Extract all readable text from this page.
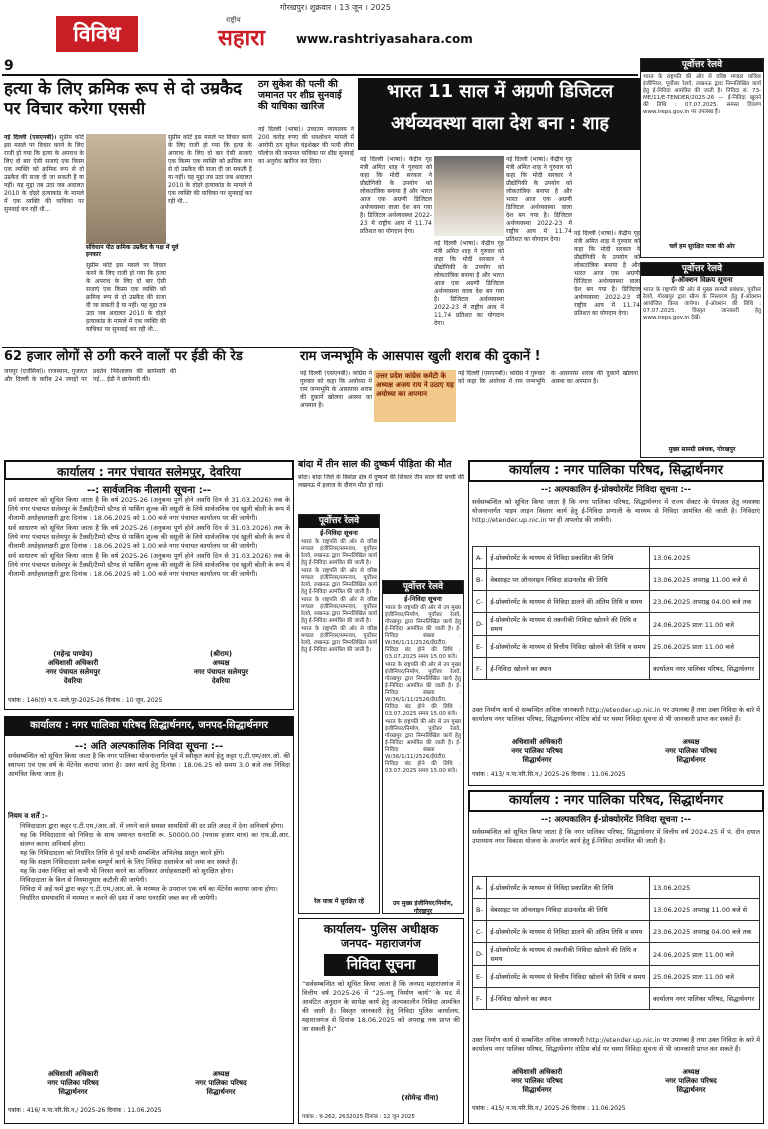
विविध
गोरखपुर। शुक्रवार । 13 जून । 2025
राष्ट्रीय
सहारा	www.rashtriyasahara.com
9
हत्या के लिए क्रमिक रूप से दो उम्रकैद पर विचार करेगा एससी
संविधान पीठ क्रमिक उम्रकैद के पक्ष में पूर्व इनकार

नई दिल्ली (एसएनबी)। सुप्रीम कोर्ट इस मसले पर विचार करने के लिए राजी हो गया कि हत्या के अपराध के लिए दो बार ऐसी सजाएं एक किस्म एक व्यक्ति को क्रमिक रूप से दो उम्रकैद की सजा दी जा सकती है या नहीं। यह मुद्दा तब उठा जब अदालत 2010 के दोहरे हत्याकांड के मामले में एक व्यक्ति की याचिका पर सुनवाई कर रही थी...

सुप्रीम कोर्ट इस मसले पर विचार करने के लिए राजी हो गया कि हत्या के अपराध के लिए दो बार ऐसी सजाएं एक किस्म एक व्यक्ति को क्रमिक रूप से दो उम्रकैद की सजा दी जा सकती है या नहीं। यह मुद्दा तब उठा जब अदालत 2010 के दोहरे हत्याकांड के मामले में एक व्यक्ति की याचिका पर सुनवाई कर रही थी...

सुप्रीम कोर्ट इस मसले पर विचार करने के लिए राजी हो गया कि हत्या के अपराध के लिए दो बार ऐसी सजाएं एक किस्म एक व्यक्ति को क्रमिक रूप से दो उम्रकैद की सजा दी जा सकती है या नहीं। यह मुद्दा तब उठा जब अदालत 2010 के दोहरे हत्याकांड के मामले में एक व्यक्ति की याचिका पर सुनवाई कर रही थी...

62 हजार लोगों से ठगी करने वालों पर ईडी की रेड

जयपुर (एजेंसियां)। राजस्थान, गुजरात और दिल्ली के करीब 24 जगहों पर प्रवर्तन निदेशालय की छापेमारी की गई... ईडी ने छापेमारी की।

ठग सुकेश की पत्नी की जमानत पर शीघ्र सुनवाई की याचिका खारिज

नई दिल्ली (भाषा)। उच्चतम न्यायालय ने 200 करोड़ रुपए की धनशोधन मामले में आरोपी ठग सुकेश चंद्रशेखर की पत्नी लीना पॉलोज की जमानत याचिका पर शीघ्र सुनवाई का अनुरोध खारिज कर दिया।

भारत 11 साल में अग्रणी डिजिटल
अर्थव्यवस्था वाला देश बना : शाह

नई दिल्ली (भाषा)। केंद्रीय गृह मंत्री अमित शाह ने गुरुवार को कहा कि मोदी सरकार ने प्रौद्योगिकी के उपयोग को लोकतांत्रिक बनाया है और भारत आज एक अग्रणी डिजिटल अर्थव्यवस्था वाला देश बन गया है। डिजिटल अर्थव्यवस्था 2022-23 में राष्ट्रीय आय में 11.74 प्रतिशत का योगदान देगा।

नई दिल्ली (भाषा)। केंद्रीय गृह मंत्री अमित शाह ने गुरुवार को कहा कि मोदी सरकार ने प्रौद्योगिकी के उपयोग को लोकतांत्रिक बनाया है और भारत आज एक अग्रणी डिजिटल अर्थव्यवस्था वाला देश बन गया है। डिजिटल अर्थव्यवस्था 2022-23 में राष्ट्रीय आय में 11.74 प्रतिशत का योगदान देगा।

नई दिल्ली (भाषा)। केंद्रीय गृह मंत्री अमित शाह ने गुरुवार को कहा कि मोदी सरकार ने प्रौद्योगिकी के उपयोग को लोकतांत्रिक बनाया है और भारत आज एक अग्रणी डिजिटल अर्थव्यवस्था वाला देश बन गया है। डिजिटल अर्थव्यवस्था 2022-23 में राष्ट्रीय आय में 11.74 प्रतिशत का योगदान देगा।

नई दिल्ली (भाषा)। केंद्रीय गृह मंत्री अमित शाह ने गुरुवार को कहा कि मोदी सरकार ने प्रौद्योगिकी के उपयोग को लोकतांत्रिक बनाया है और भारत आज एक अग्रणी डिजिटल अर्थव्यवस्था वाला देश बन गया है। डिजिटल अर्थव्यवस्था 2022-23 में राष्ट्रीय आय में 11.74 प्रतिशत का योगदान देगा।

राम जन्मभूमि के आसपास खुली शराब की दुकानें !
उत्तर प्रदेश कांग्रेस कमेटी के अध्यक्ष अजय राय ने उठाए यह अयोध्या का अपमान

नई दिल्ली (एसएनबी)। कांग्रेस ने गुरुवार को कहा कि अयोध्या में राम जन्मभूमि के आसपास शराब की दुकानें खोलना आस्था का अपमान है।

नई दिल्ली (एसएनबी)। कांग्रेस ने गुरुवार को कहा कि अयोध्या में राम जन्मभूमि के आसपास शराब की दुकानें खोलना आस्था का अपमान है।

पूर्वोत्तर रेलवे
भारत के राष्ट्रपति की ओर से वरिष्ठ मण्डल यांत्रिक इंजीनियर, पूर्वोत्तर रेलवे, लखनऊ द्वारा निम्नलिखित कार्य हेतु ई-निविदा आमंत्रित की जाती है। निविदा सं. 73-ME/11/E-TENDER/2025-26 — ई-निविदा खुलने की तिथि : 07.07.2025. समस्त विवरण www.ireps.gov.in पर उपलब्ध है।
चलें हम सुरक्षित यात्रा की ओर
पूर्वोत्तर रेलवे
ई-ऑक्शन विक्रय सूचना
भारत के राष्ट्रपति की ओर से मुख्य सामग्री प्रबंधक, पूर्वोत्तर रेलवे, गोरखपुर द्वारा स्क्रैप के निस्तारण हेतु ई-ऑक्शन आयोजित किया जायेगा। ई-ऑक्शन की तिथि : 07.07.2025. विस्तृत जानकारी हेतु www.ireps.gov.in देखें।
मुख्य सामग्री प्रबंधक, गोरखपुर
कार्यालय : नगर पंचायत सलेमपुर, देवरिया
--: सार्वजनिक नीलामी सूचना :--

सर्व साधारण को सूचित किया जाता है कि वर्ष 2025-26 (अनुबन्ध पूर्ण होने अवधि दिन से 31.03.2026) तक के लिये नगर पंचायत सलेमपुर के टैक्सी/टैम्पो स्टैण्ड से पार्किंग शुल्क की वसूली के लिये सार्वजनिक एवं खुली बोली के रूप में नीलामी अधोहस्ताक्षरी द्वारा दिनांक : 18.06.2025 को 1.00 बजे नगर पंचायत कार्यालय पर की जायेगी।

सर्व साधारण को सूचित किया जाता है कि वर्ष 2025-26 (अनुबन्ध पूर्ण होने अवधि दिन से 31.03.2026) तक के लिये नगर पंचायत सलेमपुर के टैक्सी/टैम्पो स्टैण्ड से पार्किंग शुल्क की वसूली के लिये सार्वजनिक एवं खुली बोली के रूप में नीलामी अधोहस्ताक्षरी द्वारा दिनांक : 18.06.2025 को 1.00 बजे नगर पंचायत कार्यालय पर की जायेगी।

सर्व साधारण को सूचित किया जाता है कि वर्ष 2025-26 (अनुबन्ध पूर्ण होने अवधि दिन से 31.03.2026) तक के लिये नगर पंचायत सलेमपुर के टैक्सी/टैम्पो स्टैण्ड से पार्किंग शुल्क की वसूली के लिये सार्वजनिक एवं खुली बोली के रूप में नीलामी अधोहस्ताक्षरी द्वारा दिनांक : 18.06.2025 को 1.00 बजे नगर पंचायत कार्यालय पर की जायेगी।

(महेन्द्र पाण्डेय)
अधिशासी अधिकारी
नगर पंचायत सलेमपुर
देवरिया
(श्रीराम)
अध्यक्ष
नगर पंचायत सलेमपुर
देवरिया
पत्रांक : 146(ए) न.पं.-सले.पुर-2025-26 दिनांक : 10 जून, 2025
कार्यालय : नगर पालिका परिषद सिद्धार्थनगर, जनपद-सिद्धार्थनगर
--: अति अल्पकालिक निविदा सूचना :--

सर्वसम्बन्धित को सूचित किया जाता है कि नगर पालिका योजनान्तर्गत पूर्व में स्वीकृत कार्य हेतु कट्टर ए.टी.एम/आर.ओ. की स्थापना एवं एक वर्ष के मेंटेनेंस कराया जाना है। उक्त कार्य हेतु दिनांक : 18.06.25 को समय 3.0 बजे तक निविदा आमंत्रित किया जाता है।

नियम व शर्तें :-
1. निविदादाता द्वारा कट्टर ए.टी.एम./आर.ओ. में लगने वाले समस्त सामग्रियों की दर प्रति अदद में देना अनिवार्य होगा।
2. यह कि निविदादाता को निविदा के साथ जमानत धनराशि रू. 50000.00 (पचास हजार मात्र) का एफ.डी.आर. संलग्न करना अनिवार्य होगा।
3. यह कि निविदादाता को निर्धारित तिथि से पूर्व सभी सम्बन्धित अभिलेख प्रस्तुत करने होंगे।
4. यह कि सक्षम निविदादाता प्रत्येक सम्पूर्ण कार्य के लिए निविदा दस्तावेज को जमा कर सकते हैं।
5. यह कि उक्त निविदा को कभी भी निरस्त करने का अधिकार अधोहस्ताक्षरी को सुरक्षित होगा।
6. निविदादाता के बिल से नियमानुसार कटौती की जायेगी।
7. निविदा में अर्ह फर्म द्वारा कट्टर ए.टी.एम./आर.ओ. के मरम्मत के उपरान्त एक वर्ष का मेंटेनेंस कराया जाना होगा।
8. निर्धारित समयावधि में मरम्मत न करने की दशा में जमा धनराशि जब्त कर ली जायेगी।
अधिशासी अधिकारी
नगर पालिका परिषद
सिद्धार्थनगर
अध्यक्ष
नगर पालिका परिषद
सिद्धार्थनगर
पत्रांक : 416/ न.पा.परि.सि.न./ 2025-26 दिनांक : 11.06.2025
बांदा में तीन साल की दुष्कर्म पीड़िता की मौत

बांदा। बांदा जिले के बिसंडा क्षेत्र में दुष्कर्म की शिकार तीन साल की बच्ची की लखनऊ में इलाज के दौरान मौत हो गई।

पूर्वोत्तर रेलवे
ई-निविदा सूचना

भारत के राष्ट्रपति की ओर से वरिष्ठ मण्डल इंजीनियर/समन्वय, पूर्वोत्तर रेलवे, लखनऊ द्वारा निम्नलिखित कार्य हेतु ई-निविदा आमंत्रित की जाती है।

भारत के राष्ट्रपति की ओर से वरिष्ठ मण्डल इंजीनियर/समन्वय, पूर्वोत्तर रेलवे, लखनऊ द्वारा निम्नलिखित कार्य हेतु ई-निविदा आमंत्रित की जाती है।

भारत के राष्ट्रपति की ओर से वरिष्ठ मण्डल इंजीनियर/समन्वय, पूर्वोत्तर रेलवे, लखनऊ द्वारा निम्नलिखित कार्य हेतु ई-निविदा आमंत्रित की जाती है।

भारत के राष्ट्रपति की ओर से वरिष्ठ मण्डल इंजीनियर/समन्वय, पूर्वोत्तर रेलवे, लखनऊ द्वारा निम्नलिखित कार्य हेतु ई-निविदा आमंत्रित की जाती है।

रेल यात्रा में सुरक्षित रहें
पूर्वोत्तर रेलवे
ई-निविदा सूचना

भारत के राष्ट्रपति की ओर से उप मुख्य इंजीनियर/निर्माण, पूर्वोत्तर रेलवे, गोरखपुर द्वारा निम्नलिखित कार्य हेतु ई-निविदा आमंत्रित की जाती है। ई-निविदा संख्या : W/36/1/11/2526/ई0टी0. निविदा बंद होने की तिथि : 03.07.2025 समय 15.00 बजे।

भारत के राष्ट्रपति की ओर से उप मुख्य इंजीनियर/निर्माण, पूर्वोत्तर रेलवे, गोरखपुर द्वारा निम्नलिखित कार्य हेतु ई-निविदा आमंत्रित की जाती है। ई-निविदा संख्या : W/36/1/11/2526/ई0टी0. निविदा बंद होने की तिथि : 03.07.2025 समय 15.00 बजे।

भारत के राष्ट्रपति की ओर से उप मुख्य इंजीनियर/निर्माण, पूर्वोत्तर रेलवे, गोरखपुर द्वारा निम्नलिखित कार्य हेतु ई-निविदा आमंत्रित की जाती है। ई-निविदा संख्या : W/36/1/11/2526/ई0टी0. निविदा बंद होने की तिथि : 03.07.2025 समय 15.00 बजे।

उप मुख्य इंजीनियर/निर्माण, गोरखपुर
कार्यालय- पुलिस अधीक्षक
जनपद- महाराजगंज
निविदा सूचना

“सर्वसम्बन्धित को सूचित किया जाता है कि जनपद महाराजगंज में वित्तीय वर्ष 2025-26 में “25-नयू निर्माण कार्य” के मद में आवंटित अनुदान के सापेक्ष कार्य हेतु अल्पकालीन निविदा आमंत्रित की जाती है। विस्तृत जानकारी हेतु निविदा पुलिस कार्यालय, महाराजगंज से दिनांक 18.06.2025 को अपराह्न तक प्राप्त की जा सकती है।”

(सोमेन्द्र मीना)
पत्रांक : च-262, 2632025 दिनांक : 12 जून 2025
कार्यालय : नगर पालिका परिषद, सिद्धार्थनगर
--: अल्पकालिन ई-प्रोक्योरमेंट निविदा सूचना :--
सर्वसम्बन्धित को सूचित किया जाता है कि नगर पालिका परिषद, सिद्धार्थनगर में राज्य सेक्टर के पेयजल हेतु व्यवस्था योजनान्तर्गत पाइप लाइन विस्तार कार्य हेतु ई-निविदा प्रणाली के माध्यम से निविदा आमंत्रित की जाती है। निविदाएं http://etender.up.nic.in पर ही अपलोड की जायेंगी।
A-	ई-प्रोक्योरमेंट के माध्यम से निविदा प्रकाशित की तिथि	13.06.2025
B-	वेबसाइट पर ऑनलाइन निविदा डाउनलोड की तिथि	13.06.2025 अपराह्न 11.00 बजे से
C-	ई-प्रोक्योरमेंट के माध्यम से निविदा डालने की अंतिम तिथि व समय	23.06.2025 अपराह्न 04.00 बजे तक
D-	ई-प्रोक्योरमेंट के माध्यम से तकनीकी निविदा खोलने की तिथि व समय	24.06.2025 प्रातः 11.00 बजे
E-	ई-प्रोक्योरमेंट के माध्यम से वित्तीय निविदा खोलने की तिथि व समय	25.06.2025 प्रातः 11.00 बजे
F-	ई-निविदा खोलने का स्थान	कार्यालय नगर पालिका परिषद, सिद्धार्थनगर
उक्त निर्माण कार्य से सम्बन्धित अधिक जानकारी http://etender.up.nic.in पर उपलब्ध है तथा उक्त निविदा के बारे में कार्यालय नगर पालिका परिषद, सिद्धार्थनगर नोटिस बोर्ड पर चस्पा निविदा सूचना से भी जानकारी प्राप्त कर सकते हैं।
अधिशासी अधिकारी
नगर पालिका परिषद
सिद्धार्थनगर
अध्यक्ष
नगर पालिका परिषद
सिद्धार्थनगर
पत्रांक : 413/ न.पा.परि.सि.न./ 2025-26 दिनांक : 11.06.2025
कार्यालय : नगर पालिका परिषद, सिद्धार्थनगर
--: अल्पकालिन ई-प्रोक्योरमेंट निविदा सूचना :--
सर्वसम्बन्धित को सूचित किया जाता है कि नगर पालिका परिषद, सिद्धार्थनगर में वित्तीय वर्ष 2024-25 में पं. दीन दयाल उपाध्याय नगर विकास योजना के अन्तर्गत कार्य हेतु ई-निविदा आमंत्रित की जाती है।
A-	ई-प्रोक्योरमेंट के माध्यम से निविदा प्रकाशित की तिथि	13.06.2025
B-	वेबसाइट पर ऑनलाइन निविदा डाउनलोड की तिथि	13.06.2025 अपराह्न 11.00 बजे से
C-	ई-प्रोक्योरमेंट के माध्यम से निविदा डालने की अंतिम तिथि व समय	23.06.2025 अपराह्न 04.00 बजे तक
D-	ई-प्रोक्योरमेंट के माध्यम से तकनीकी निविदा खोलने की तिथि व समय	24.06.2025 प्रातः 11.00 बजे
E-	ई-प्रोक्योरमेंट के माध्यम से वित्तीय निविदा खोलने की तिथि व समय	25.06.2025 प्रातः 11.00 बजे
F-	ई-निविदा खोलने का स्थान	कार्यालय नगर पालिका परिषद, सिद्धार्थनगर
उक्त निर्माण कार्य से सम्बन्धित अधिक जानकारी http://etender.up.nic.in पर उपलब्ध है तथा उक्त निविदा के बारे में कार्यालय नगर पालिका परिषद, सिद्धार्थनगर नोटिस बोर्ड पर चस्पा निविदा सूचना से भी जानकारी प्राप्त कर सकते हैं।
अधिशासी अधिकारी
नगर पालिका परिषद
सिद्धार्थनगर
अध्यक्ष
नगर पालिका परिषद
सिद्धार्थनगर
पत्रांक : 415/ न.पा.परि.सि.न./ 2025-26 दिनांक : 11.06.2025
